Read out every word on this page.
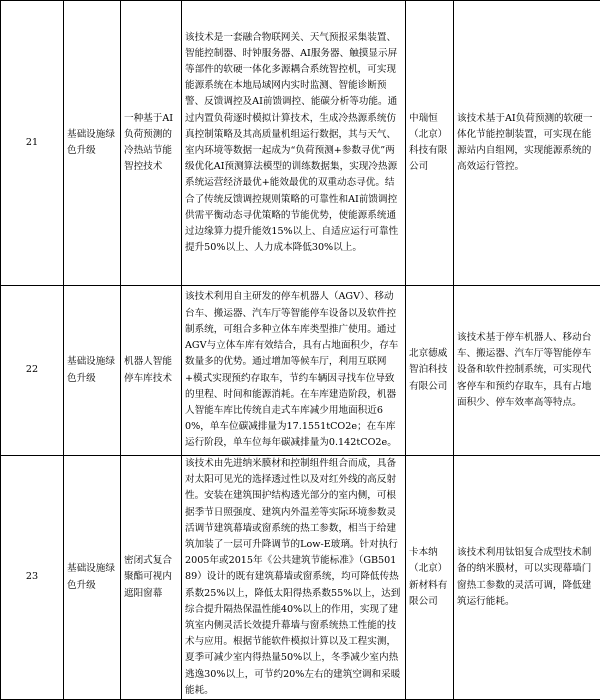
21	基础设施绿色升级	一种基于AI负荷预测的冷热站节能智控技术	该技术是一套融合物联网关、天气预报采集装置、智能控制器、时钟服务器、AI服务器、触摸显示屏等部件的软硬一体化多源耦合系统智控机，可实现能源系统在本地局域网内实时监测、智能诊断预警、反馈调控及AI前馈调控、能碳分析等功能。通过内置负荷逐时模拟计算技术，生成冷热源系统仿真控制策略及其高质量机组运行数据，其与天气、室内环境等数据一起成为“负荷预测+参数寻优”两级优化AI预测算法模型的训练数据集，实现冷热源系统运营经济最优+能效最优的双重动态寻优。结合了传统反馈调控规则策略的可靠性和AI前馈调控供需平衡动态寻优策略的节能优势，使能源系统通过边缘算力提升能效15%以上、自适应运行可靠性提升50%以上、人力成本降低30%以上。	中瑞恒（北京）科技有限公司	该技术基于AI负荷预测的软硬一体化节能控制装置，可实现在能源站内自组网，实现能源系统的高效运行管控。
22	基础设施绿色升级	机器人智能停车库技术	该技术利用自主研发的停车机器人（AGV）、移动台车、搬运器、汽车厅等智能停车设备以及软件控制系统，可组合多种立体车库类型推广使用。通过AGV与立体车库有效结合，具有占地面积少，存车数量多的优势。通过增加等候车厅，利用互联网+模式实现预约存取车，节约车辆因寻找车位导致的里程、时间和能源消耗。在车库建造阶段，机器人智能车库比传统自走式车库减少用地面积近60%，单车位碳减排量为17.1551tCO2e；在车库运行阶段，单车位每年碳减排量为0.142tCO2e。	北京德威智泊科技有限公司	该技术基于停车机器人、移动台车、搬运器、汽车厅等智能停车设备和软件控制系统，可实现代客停车和预约存取车，具有占地面积少、停车效率高等特点。
23	基础设施绿色升级	密闭式复合聚酯可视内遮阳窗幕	该技术由先进纳米膜材和控制组件组合而成，具备对太阳可见光的选择透过性以及对红外线的高反射性。安装在建筑围护结构透光部分的室内侧，可根据季节日照强度、建筑内外温差等实际环境参数灵活调节建筑幕墙或窗系统的热工参数，相当于给建筑加装了一层可升降调节的Low-E玻璃。针对执行2005年或2015年《公共建筑节能标准》（GB50189）设计的既有建筑幕墙或窗系统，均可降低传热系数25%以上，降低太阳得热系数55%以上，达到综合提升隔热保温性能40%以上的作用，实现了建筑室内侧灵活长效提升幕墙与窗系统热工性能的技术与应用。根据节能软件模拟计算以及工程实测，夏季可减少室内得热量50%以上，冬季减少室内热逃逸30%以上，可节约20%左右的建筑空调和采暖能耗。	卡本纳（北京）新材料有限公司	该技术利用钛铝复合成型技术制备的纳米膜材，可以实现幕墙门窗热工参数的灵活可调，降低建筑运行能耗。
